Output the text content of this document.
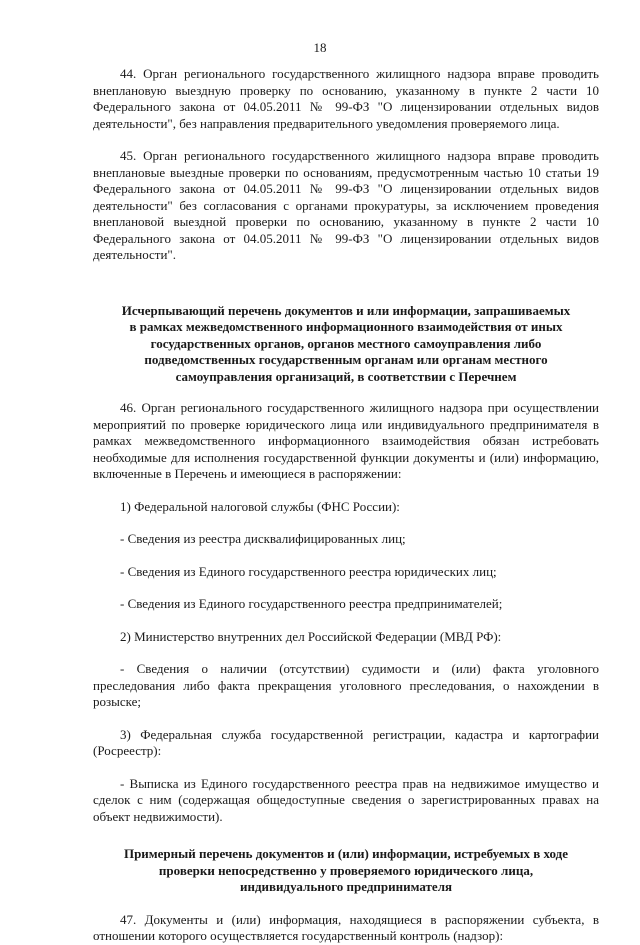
18

44. Орган регионального государственного жилищного надзора вправе проводить внеплановую выездную проверку по основанию, указанному в пункте 2 части 10 Федерального закона от 04.05.2011 № 99-ФЗ "О лицензировании отдельных видов деятельности", без направления предварительного уведомления проверяемого лица.

45. Орган регионального государственного жилищного надзора вправе проводить внеплановые выездные проверки по основаниям, предусмотренным частью 10 статьи 19 Федерального закона от 04.05.2011 № 99-ФЗ "О лицензировании отдельных видов деятельности" без согласования с органами прокуратуры, за исключением проведения внеплановой выездной проверки по основанию, указанному в пункте 2 части 10 Федерального закона от 04.05.2011 № 99-ФЗ "О лицензировании отдельных видов деятельности".

Исчерпывающий перечень документов и или информации, запрашиваемых в рамках межведомственного информационного взаимодействия от иных государственных органов, органов местного самоуправления либо подведомственных государственным органам или органам местного самоуправления организаций, в соответствии с Перечнем

46. Орган регионального государственного жилищного надзора при осуществлении мероприятий по проверке юридического лица или индивидуального предпринимателя в рамках межведомственного информационного взаимодействия обязан истребовать необходимые для исполнения государственной функции документы и (или) информацию, включенные в Перечень и имеющиеся в распоряжении:

1) Федеральной налоговой службы (ФНС России):

- Сведения из реестра дисквалифицированных лиц;

- Сведения из Единого государственного реестра юридических лиц;

- Сведения из Единого государственного реестра предпринимателей;

2) Министерство внутренних дел Российской Федерации (МВД РФ):

- Сведения о наличии (отсутствии) судимости и (или) факта уголовного преследования либо факта прекращения уголовного преследования, о нахождении в розыске;

3) Федеральная служба государственной регистрации, кадастра и картографии (Росреестр):

- Выписка из Единого государственного реестра прав на недвижимое имущество и сделок с ним (содержащая общедоступные сведения о зарегистрированных правах на объект недвижимости).

Примерный перечень документов и (или) информации, истребуемых в ходе проверки непосредственно у проверяемого юридического лица, индивидуального предпринимателя

47. Документы и (или) информация, находящиеся в распоряжении субъекта, в отношении которого осуществляется государственный контроль (надзор):
